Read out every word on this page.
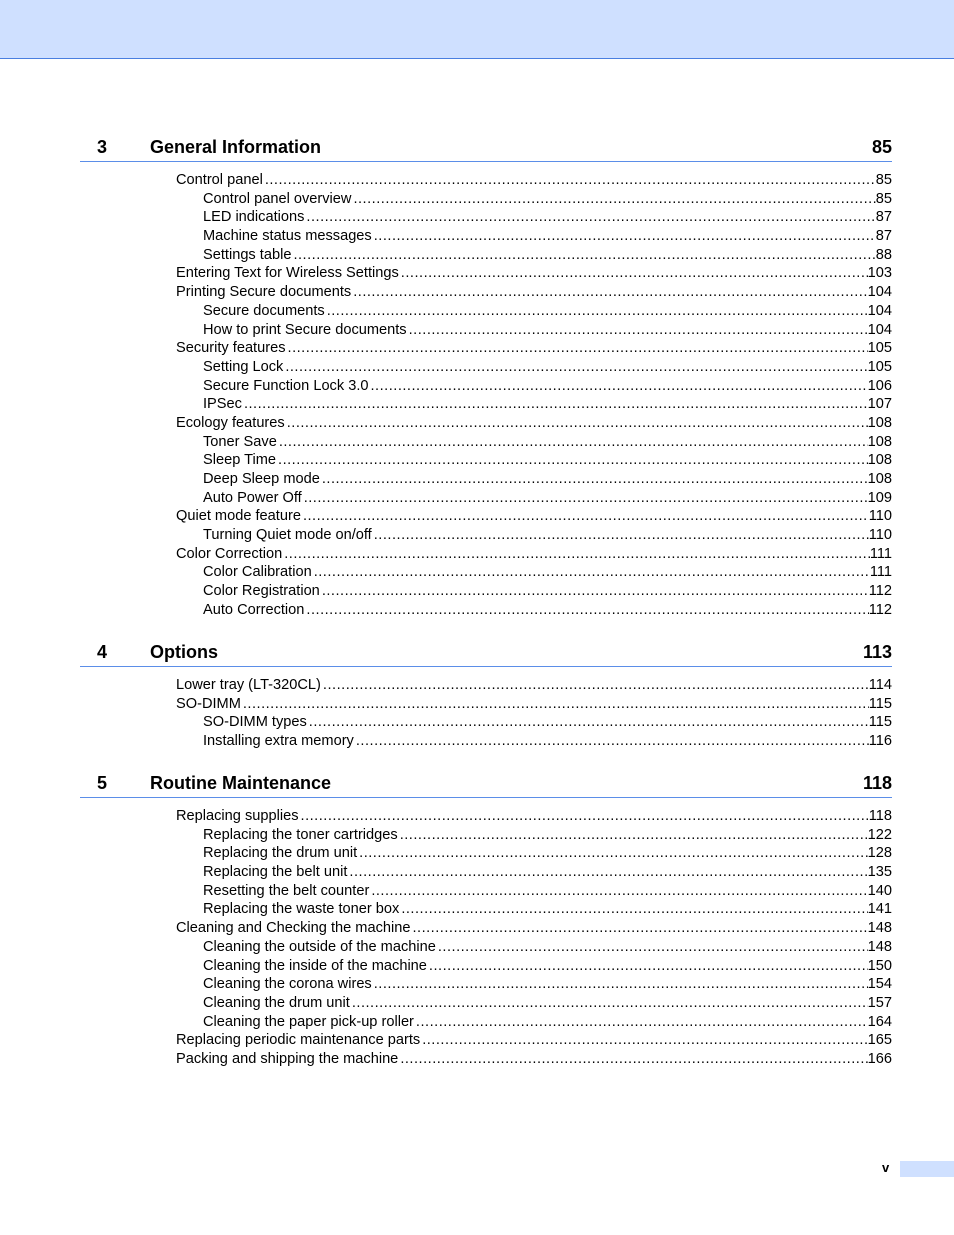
3 General Information	85
Control panel .....	85
Control panel overview .....	85
LED indications .....	87
Machine status messages .....	87
Settings table .....	88
Entering Text for Wireless Settings .....	103
Printing Secure documents .....	104
Secure documents .....	104
How to print Secure documents .....	104
Security features .....	105
Setting Lock .....	105
Secure Function Lock 3.0 .....	106
IPSec .....	107
Ecology features .....	108
Toner Save .....	108
Sleep Time .....	108
Deep Sleep mode .....	108
Auto Power Off .....	109
Quiet mode feature .....	110
Turning Quiet mode on/off .....	110
Color Correction .....	111
Color Calibration .....	111
Color Registration .....	112
Auto Correction .....	112
4 Options	113
Lower tray (LT-320CL) .....	114
SO-DIMM .....	115
SO-DIMM types .....	115
Installing extra memory .....	116
5 Routine Maintenance	118
Replacing supplies .....	118
Replacing the toner cartridges .....	122
Replacing the drum unit .....	128
Replacing the belt unit .....	135
Resetting the belt counter .....	140
Replacing the waste toner box .....	141
Cleaning and Checking the machine .....	148
Cleaning the outside of the machine .....	148
Cleaning the inside of the machine .....	150
Cleaning the corona wires .....	154
Cleaning the drum unit .....	157
Cleaning the paper pick-up roller .....	164
Replacing periodic maintenance parts .....	165
Packing and shipping the machine .....	166
v
